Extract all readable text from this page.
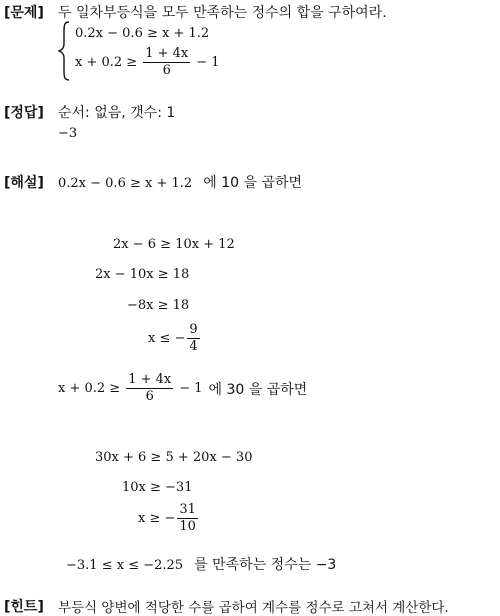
[문제] 두 일차부등식을 모두 만족하는 정수의 합을 구하여라.
0.2x − 0.6 ≥ x + 1.2
$x + 0.2 \ge \frac{1 + 4x}{6} - 1$
[정답] 순서: 없음, 갯수: 1
−3
[해설] 0.2x − 0.6 ≥ x + 1.2 에 10 을 곱하면
2x − 6 ≥ 10x + 12
2x − 10x ≥ 18
−8x ≥ 18
x ≤ − $\frac{9}{4}$
$x + 0.2 \ge \frac{1 + 4x}{6} - 1$ 에 30 을 곱하면
30x + 6 ≥ 5 + 20x − 30
10x ≥ −31
x ≥ − $\frac{31}{10}$
−3.1 ≤ x ≤ −2.25 를 만족하는 정수는 −3
[힌트] 부등식 양변에 적당한 수를 곱하여 계수를 정수로 고쳐서 계산한다.
